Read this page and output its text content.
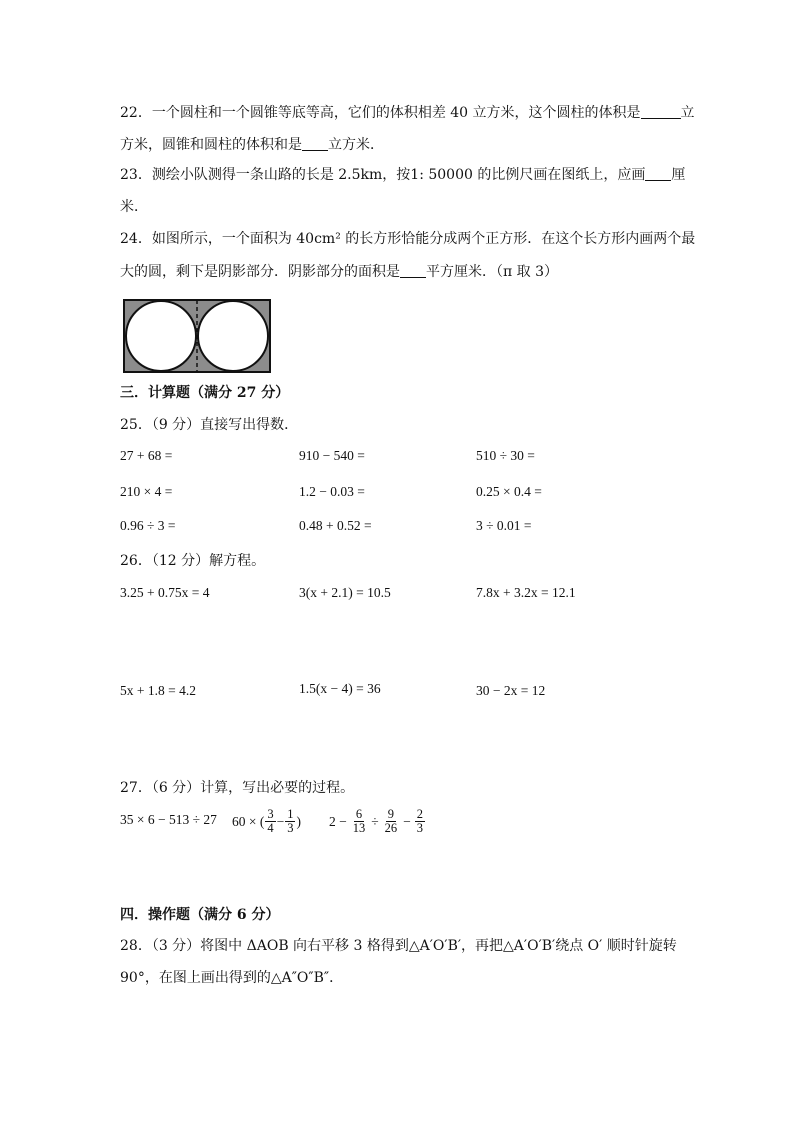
22．一个圆柱和一个圆锥等底等高，它们的体积相差 40 立方米，这个圆柱的体积是	立
方米，圆锥和圆柱的体积和是 立方米．
23．测绘小队测得一条山路的长是 2.5km，按1: 50000 的比例尺画在图纸上，应画 厘
米．
24．如图所示，一个面积为 40cm² 的长方形恰能分成两个正方形．在这个长方形内画两个最
大的圆，剩下是阴影部分．阴影部分的面积是 平方厘米．（π 取 3）
三．计算题（满分 27 分）
25．（9 分）直接写出得数．
27 + 68 =	910 − 540 =	510 ÷ 30 =
210 × 4 =	1.2 − 0.03 =	0.25 × 0.4 =
0.96 ÷ 3 =	0.48 + 0.52 =	3 ÷ 0.01 =
26．（12 分）解方程。
3.25 + 0.75x = 4	3(x + 2.1) = 10.5	7.8x + 3.2x = 12.1
5x + 1.8 = 4.2	1.5(x − 4) = 36	30 − 2x = 12
27．（6 分）计算，写出必要的过程。
35 × 6 − 513 ÷ 27 60 × ( $\frac{3}{4} - \frac{1}{3}$ ) $2 - \frac{6}{13} \div \frac{9}{26} - \frac{2}{3}$
四．操作题（满分 6 分）
28．（3 分）将图中 ΔAOB 向右平移 3 格得到△A′O′B′，再把△A′O′B′绕点 O′ 顺时针旋转
90°，在图上画出得到的△A″O″B″．
